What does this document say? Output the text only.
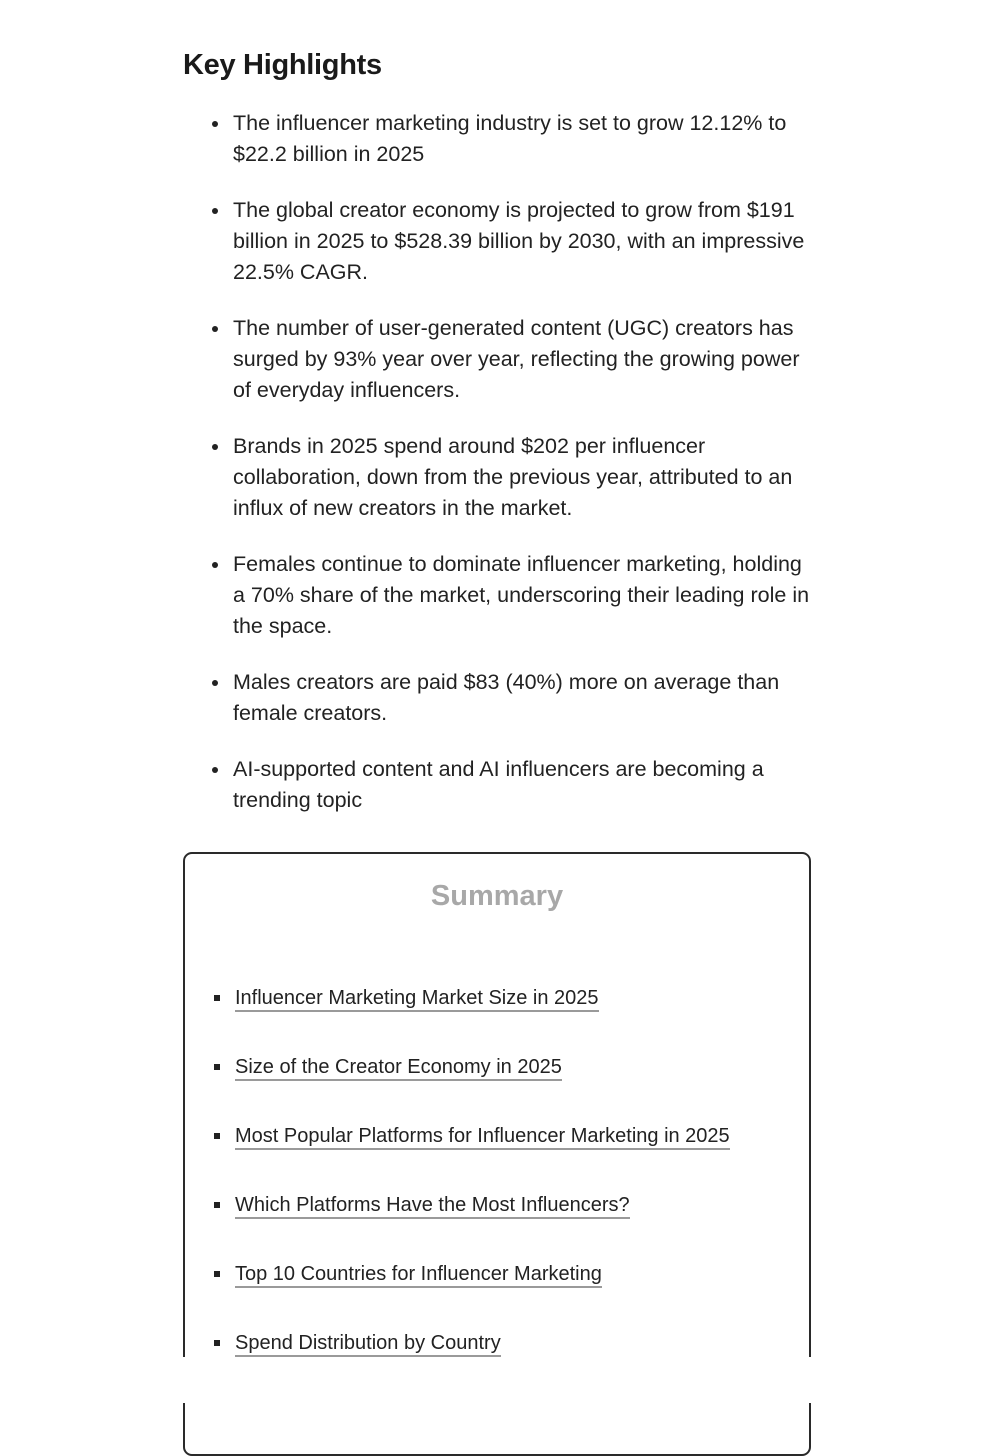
Key Highlights
The influencer marketing industry is set to grow 12.12% to $22.2 billion in 2025
The global creator economy is projected to grow from $191 billion in 2025 to $528.39 billion by 2030, with an impressive 22.5% CAGR.
The number of user-generated content (UGC) creators has surged by 93% year over year, reflecting the growing power of everyday influencers.
Brands in 2025 spend around $202 per influencer collaboration, down from the previous year, attributed to an influx of new creators in the market.
Females continue to dominate influencer marketing, holding a 70% share of the market, underscoring their leading role in the space.
Males creators are paid $83 (40%) more on average than female creators.
AI-supported content and AI influencers are becoming a trending topic
Summary
Influencer Marketing Market Size in 2025
Size of the Creator Economy in 2025
Most Popular Platforms for Influencer Marketing in 2025
Which Platforms Have the Most Influencers?
Top 10 Countries for Influencer Marketing
Spend Distribution by Country
